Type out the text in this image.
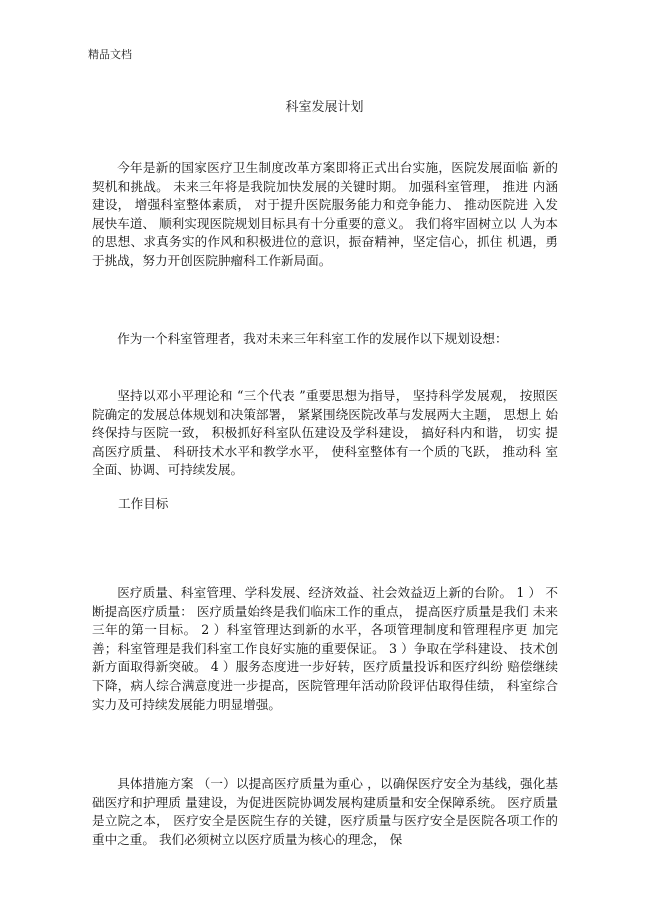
精品文档
科室发展计划

今年是新的国家医疗卫生制度改革方案即将正式出台实施，医院发展面临 新的契机和挑战。 未来三年将是我院加快发展的关键时期。 加强科室管理， 推进 内涵建设， 增强科室整体素质， 对于提升医院服务能力和竞争能力、 推动医院进 入发展快车道、 顺利实现医院规划目标具有十分重要的意义。 我们将牢固树立以 人为本的思想、求真务实的作风和积极进位的意识，振奋精神，坚定信心，抓住 机遇，勇于挑战，努力开创医院肿瘤科工作新局面。

作为一个科室管理者，我对未来三年科室工作的发展作以下规划设想：

坚持以邓小平理论和 “三个代表 ”重要思想为指导， 坚持科学发展观， 按照医 院确定的发展总体规划和决策部署， 紧紧围绕医院改革与发展两大主题， 思想上 始终保持与医院一致， 积极抓好科室队伍建设及学科建设， 搞好科内和谐， 切实 提高医疗质量、 科研技术水平和教学水平， 使科室整体有一个质的飞跃， 推动科 室全面、协调、可持续发展。

工作目标

医疗质量、科室管理、学科发展、经济效益、社会效益迈上新的台阶。 1 ） 不断提高医疗质量： 医疗质量始终是我们临床工作的重点， 提高医疗质量是我们 未来三年的第一目标。 2 ）科室管理达到新的水平，各项管理制度和管理程序更 加完善；科室管理是我们科室工作良好实施的重要保证。 3 ）争取在学科建设、 技术创新方面取得新突破。 4 ）服务态度进一步好转，医疗质量投诉和医疗纠纷 赔偿继续下降，病人综合满意度进一步提高，医院管理年活动阶段评估取得佳绩， 科室综合实力及可持续发展能力明显增强。

具体措施方案 （一）以提高医疗质量为重心 ，以确保医疗安全为基线，强化基础医疗和护理质 量建设，为促进医院协调发展构建质量和安全保障系统。 医疗质量是立院之本， 医疗安全是医院生存的关键，医疗质量与医疗安全是医院各项工作的重中之重。 我们必须树立以医疗质量为核心的理念， 保
